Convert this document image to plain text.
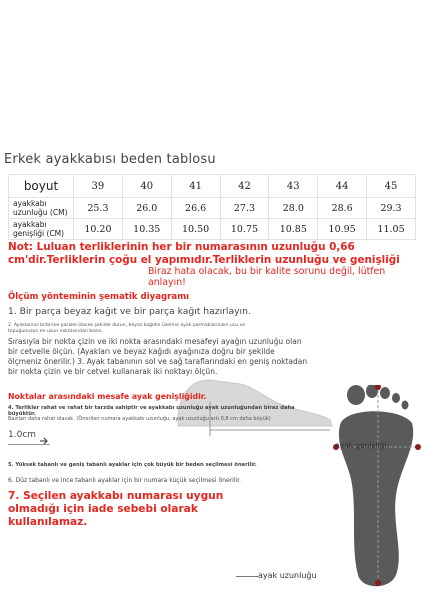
Erkek ayakkabısı beden tablosu
boyut	39	40	41	42	43	44	45
ayakkabı uzunluğu (CM)	25.3	26.0	26.6	27.3	28.0	28.6	29.3
ayakkabı genişliği (CM)	10.20	10.35	10.50	10.75	10.85	10.95	11.05
Not: Luluan terliklerinin her bir numarasının uzunluğu 0,66 cm'dir.Terliklerin çoğu el yapımıdır.Terliklerin uzunluğu ve genişliği
Biraz hata olacak, bu bir kalite sorunu değil, lütfen anlayın!
Ölçüm yönteminin şematik diyagramı
1. Bir parça beyaz kağıt ve bir parça kağıt hazırlayın.
2. Ayaklarınız birbirine paralel olacak şekilde durun, beyaz kağıdın üzerine ayak parmaklarınızın ucu ve
topuğunuzun en uzun noktasından basın.
Sırasıyla bir nokta çizin ve iki nokta arasındaki mesafeyi ayağın uzunluğu olan
bir cetvelle ölçün. (Ayakları ve beyaz kağıdı ayağınıza doğru bir şekilde
ölçmeniz önerilir.) 3. Ayak tabanının sol ve sağ taraflarındaki en geniş noktadan
bir nokta çizin ve bir cetvel kullanarak iki noktayı ölçün.
Noktalar arasındaki mesafe ayak genişliğidir.
4. Terlikler rahat ve rahat bir tarzda sahiptir ve ayakkabı uzunluğu ayak uzunluğundan biraz daha büyüktür.
Bazıları daha rahat olacak. (Önerilen numara ayakkabı uzunluğu, ayak uzunluğu artı 0,8 cm daha büyük)
1.0cm
5. Yüksek tabanlı ve geniş tabanlı ayaklar için çok büyük bir beden seçilmesi önerilir.
6. Düz tabanlı ve ince tabanlı ayaklar için bir numara küçük seçilmesi önerilir.
7. Seçilen ayakkabı numarası uygun olmadığı için iade sebebi olarak kullanılamaz.
ayak genişliği
ayak uzunluğu
